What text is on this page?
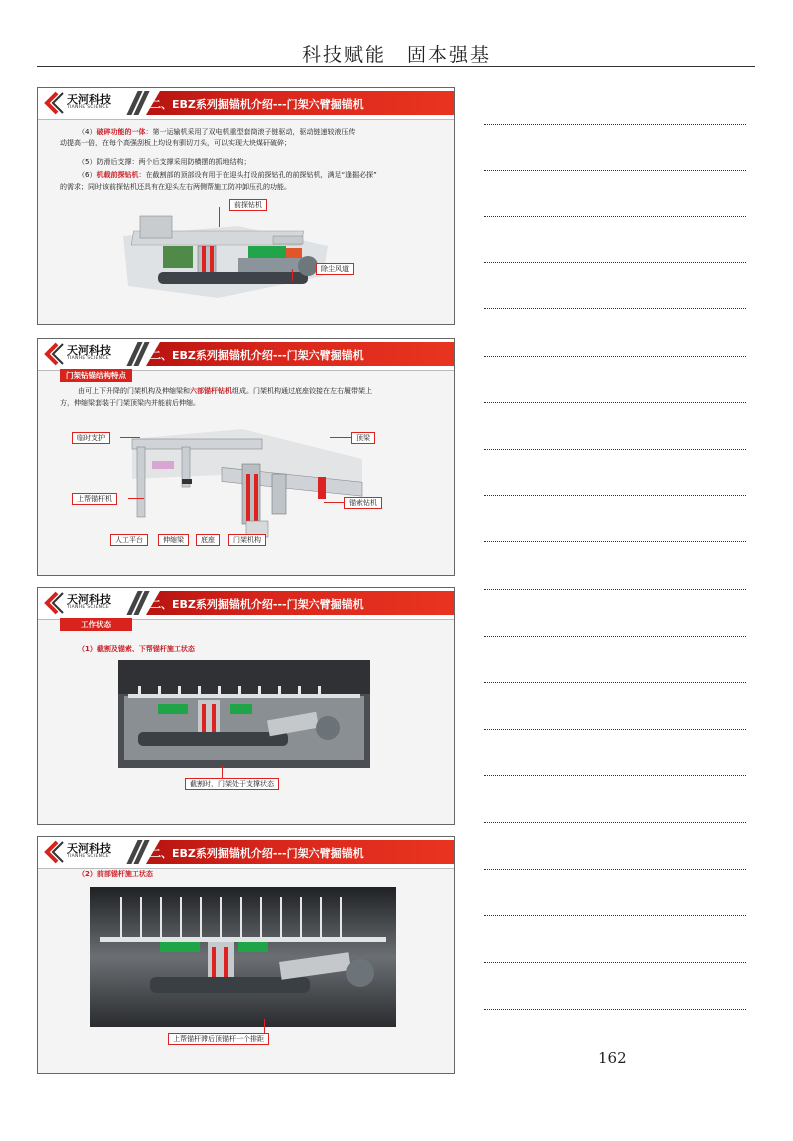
科技赋能　固本强基
天河科技
TIANHE SCIENCE	二、EBZ系列掘锚机介绍---门架六臂掘锚机
（4）破碎功能的一体：第一运输机采用了双电机重型套筒滚子链驱动，驱动链速较液压传
动提高一倍，在每个高强刮板上均设有驯切刀头，可以实现大块煤矸破碎；
（5）防滑后支撑：两个后支撑采用防横摆的抓地结构；
（6）机载前探钻机：在截割部的顶部设有用于在迎头打设前探钻孔的前探钻机，满足“逢掘必探”
的需求；同时该前探钻机还具有在迎头左右两侧帮施工防冲卸压孔的功能。
前探钻机
除尘风道
天河科技
TIANHE SCIENCE	二、EBZ系列掘锚机介绍---门架六臂掘锚机
门架钻锚结构特点
由可上下升降的门架机构及伸缩梁和六部锚杆钻机组成。门架机构通过底座铰接在左右履带架上
方，伸缩梁套装于门架顶梁内并能前后伸缩。
临时支护	顶梁
上帮锚杆机	锚索钻机
人工平台	伸缩梁	底座	门架机构
天河科技
TIANHE SCIENCE	二、EBZ系列掘锚机介绍---门架六臂掘锚机
工作状态
（1）截割及锚索、下帮锚杆施工状态
截割时，门架处于支撑状态
天河科技
TIANHE SCIENCE	二、EBZ系列掘锚机介绍---门架六臂掘锚机
（2）前部锚杆施工状态
上帮锚杆滞后顶锚杆一个排距
162
